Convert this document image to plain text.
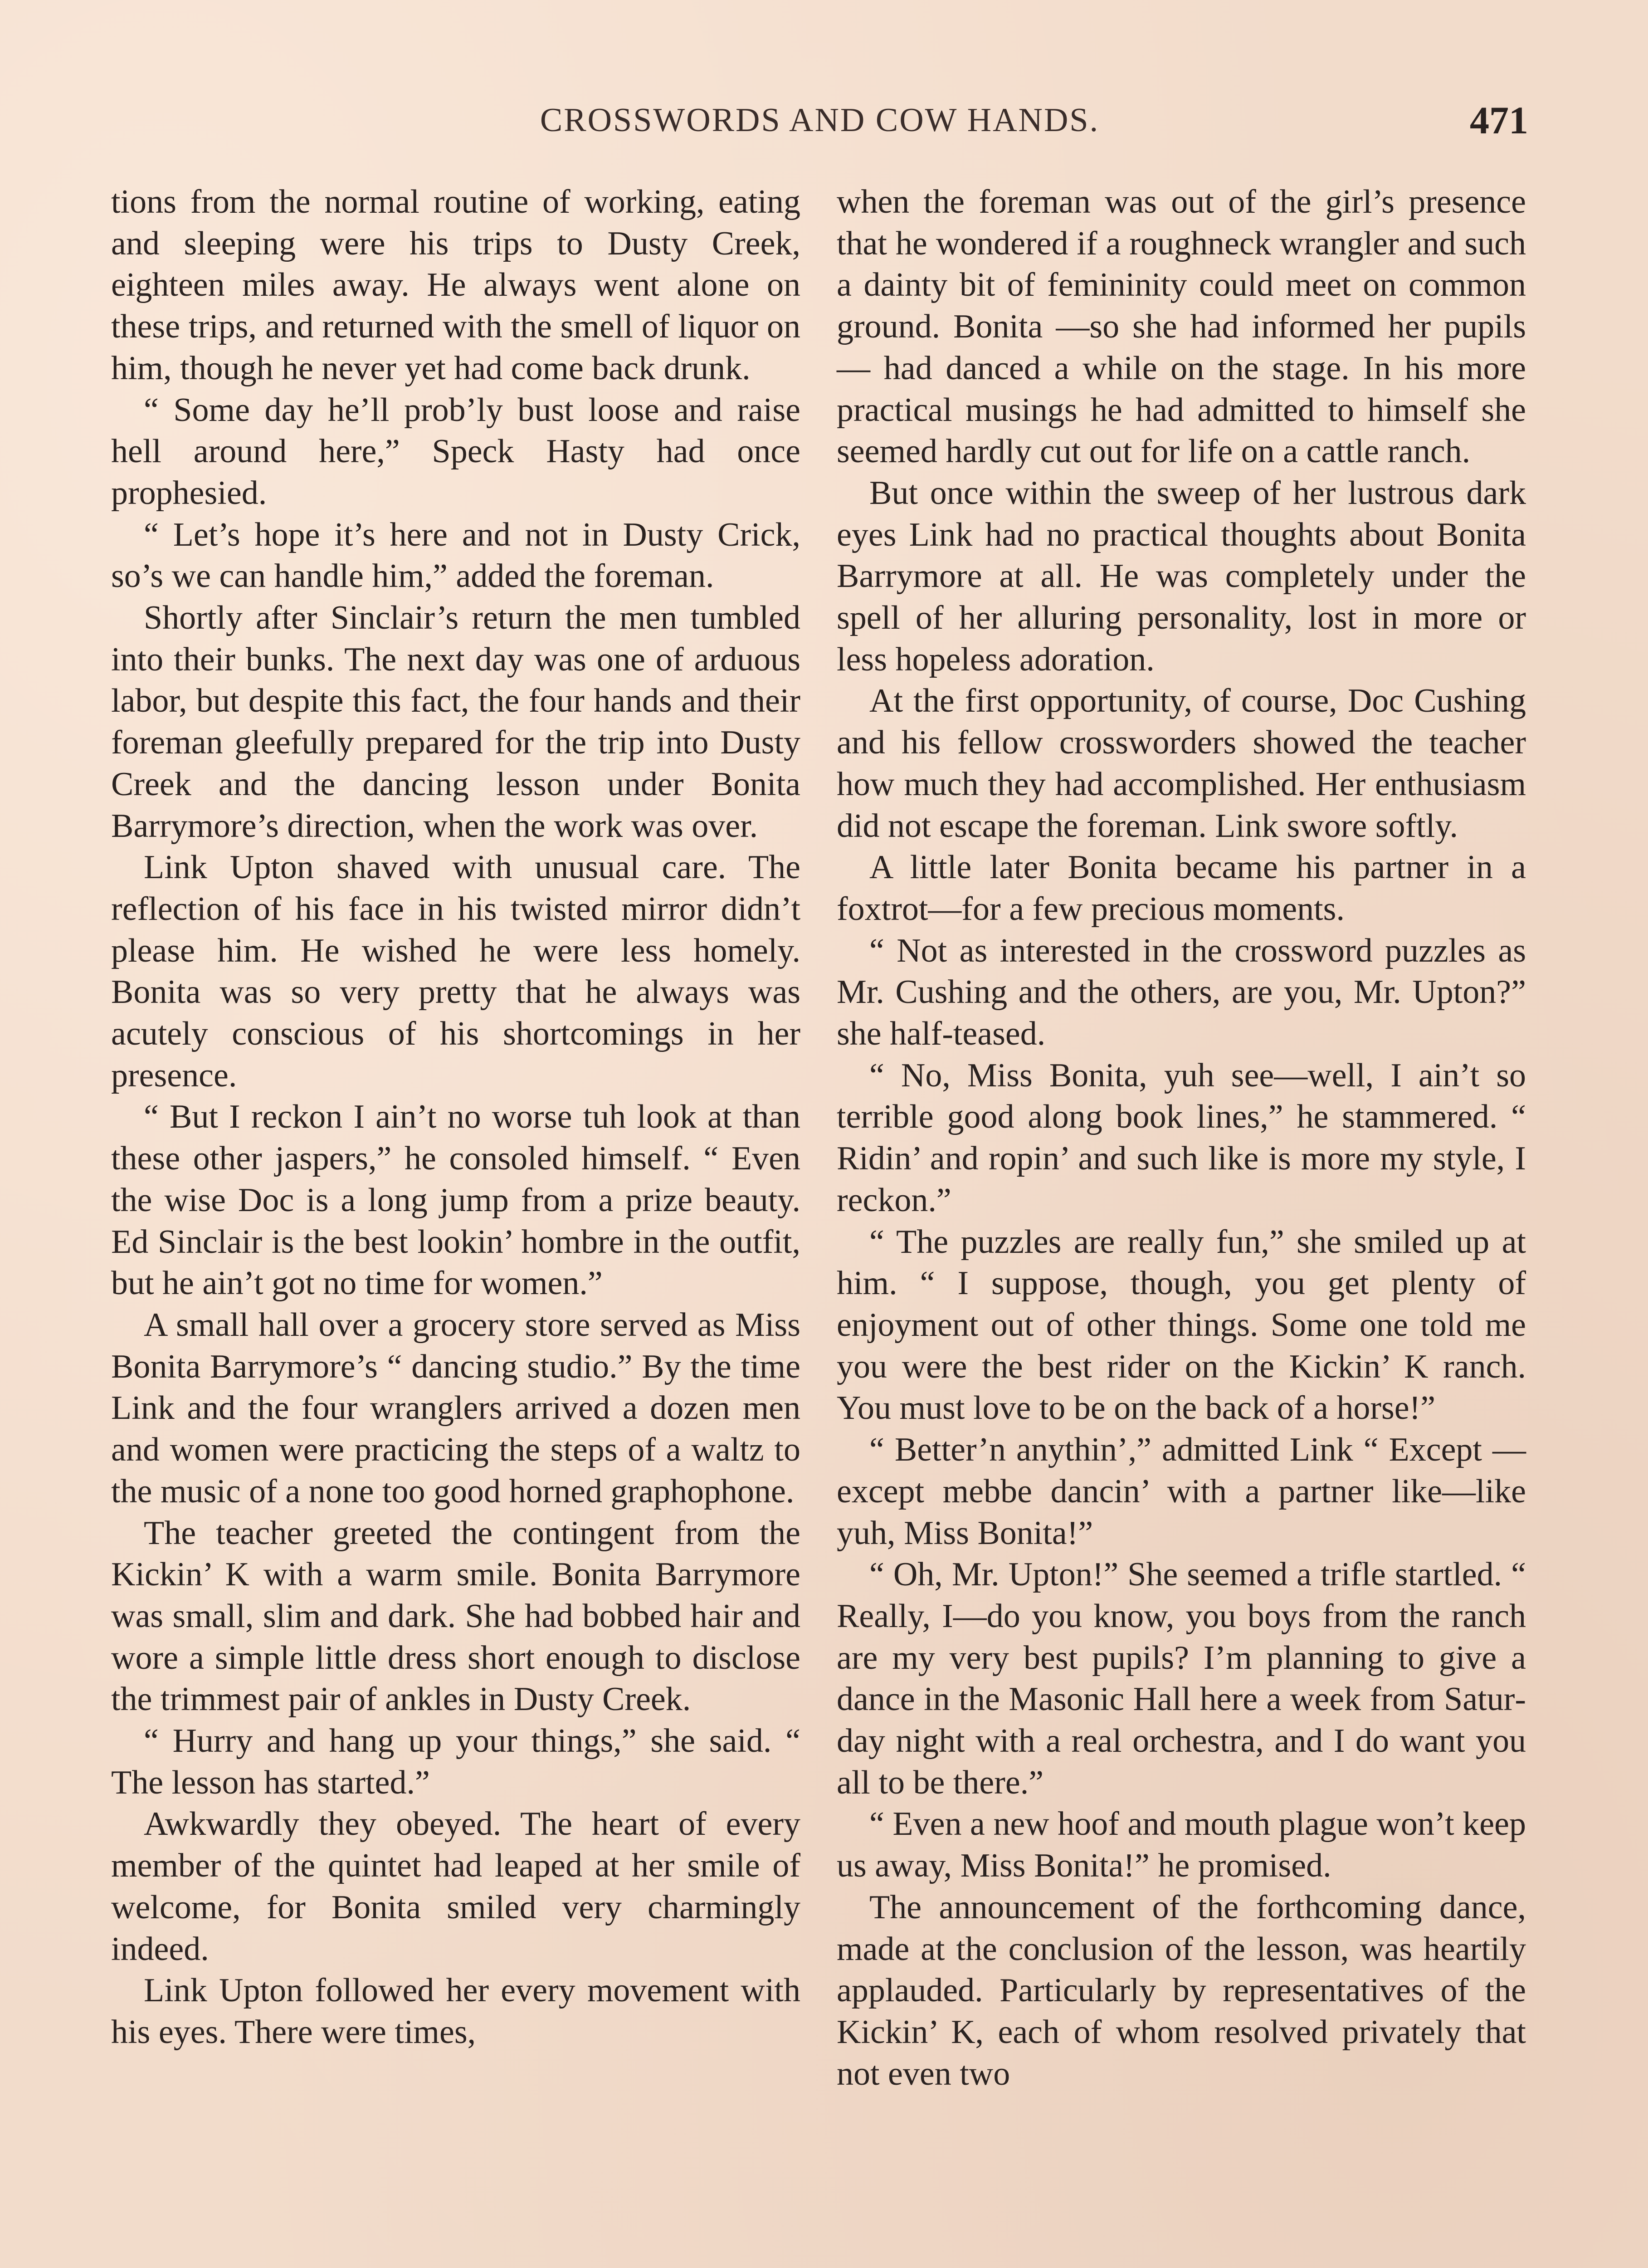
CROSSWORDS AND COW HANDS.	471

tions from the normal routine of working, eating and sleeping were his trips to Dusty Creek, eighteen miles away. He always went alone on these trips, and returned with the smell of liquor on him, though he never yet had come back drunk.

“ Some day he’ll prob’ly bust loose and raise hell around here,” Speck Hasty had once prophesied.

“ Let’s hope it’s here and not in Dusty Crick, so’s we can handle him,” added the foreman.

Shortly after Sinclair’s return the men tumbled into their bunks. The next day was one of arduous labor, but despite this fact, the four hands and their foreman gleefully prepared for the trip into Dusty Creek and the dancing lesson under Bonita Barrymore’s direction, when the work was over.

Link Upton shaved with unusual care. The reflection of his face in his twisted mirror didn’t please him. He wished he were less homely. Bonita was so very pretty that he always was acutely conscious of his shortcomings in her presence.

“ But I reckon I ain’t no worse tuh look at than these other jaspers,” he consoled himself. “ Even the wise Doc is a long jump from a prize beauty. Ed Sinclair is the best lookin’ hombre in the outfit, but he ain’t got no time for women.”

A small hall over a grocery store served as Miss Bonita Barrymore’s “ dancing studio.” By the time Link and the four wranglers arrived a dozen men and women were practicing the steps of a waltz to the music of a none too good horned graphophone.

The teacher greeted the contingent from the Kickin’ K with a warm smile. Bonita Barrymore was small, slim and dark. She had bobbed hair and wore a simple little dress short enough to disclose the trimmest pair of ankles in Dusty Creek.

“ Hurry and hang up your things,” she said. “ The lesson has started.”

Awkwardly they obeyed. The heart of every member of the quintet had leaped at her smile of welcome, for Bonita smiled very charmingly indeed.

Link Upton followed her every movement with his eyes. There were times,

when the foreman was out of the girl’s presence that he wondered if a roughneck wrangler and such a dainty bit of femininity could meet on common ground. Bonita —so she had informed her pupils — had danced a while on the stage. In his more practical musings he had admitted to himself she seemed hardly cut out for life on a cattle ranch.

But once within the sweep of her lustrous dark eyes Link had no practical thoughts about Bonita Barrymore at all. He was completely under the spell of her alluring personality, lost in more or less hopeless adoration.

At the first opportunity, of course, Doc Cushing and his fellow crossworders showed the teacher how much they had accomplished. Her enthusiasm did not escape the foreman. Link swore softly.

A little later Bonita became his partner in a foxtrot—for a few precious moments.

“ Not as interested in the crossword puzzles as Mr. Cushing and the others, are you, Mr. Upton?” she half-teased.

“ No, Miss Bonita, yuh see—well, I ain’t so terrible good along book lines,” he stammered. “ Ridin’ and ropin’ and such like is more my style, I reckon.”

“ The puzzles are really fun,” she smiled up at him. “ I suppose, though, you get plenty of enjoyment out of other things. Some one told me you were the best rider on the Kickin’ K ranch. You must love to be on the back of a horse!”

“ Better’n anythin’,” admitted Link “ Except — except mebbe dancin’ with a partner like—like yuh, Miss Bonita!”

“ Oh, Mr. Upton!” She seemed a trifle startled. “ Really, I—do you know, you boys from the ranch are my very best pupils? I’m planning to give a dance in the Masonic Hall here a week from Saturday night with a real orchestra, and I do want you all to be there.”

“ Even a new hoof and mouth plague won’t keep us away, Miss Bonita!” he promised.

The announcement of the forthcoming dance, made at the conclusion of the lesson, was heartily applauded. Particularly by representatives of the Kickin’ K, each of whom resolved privately that not even two
